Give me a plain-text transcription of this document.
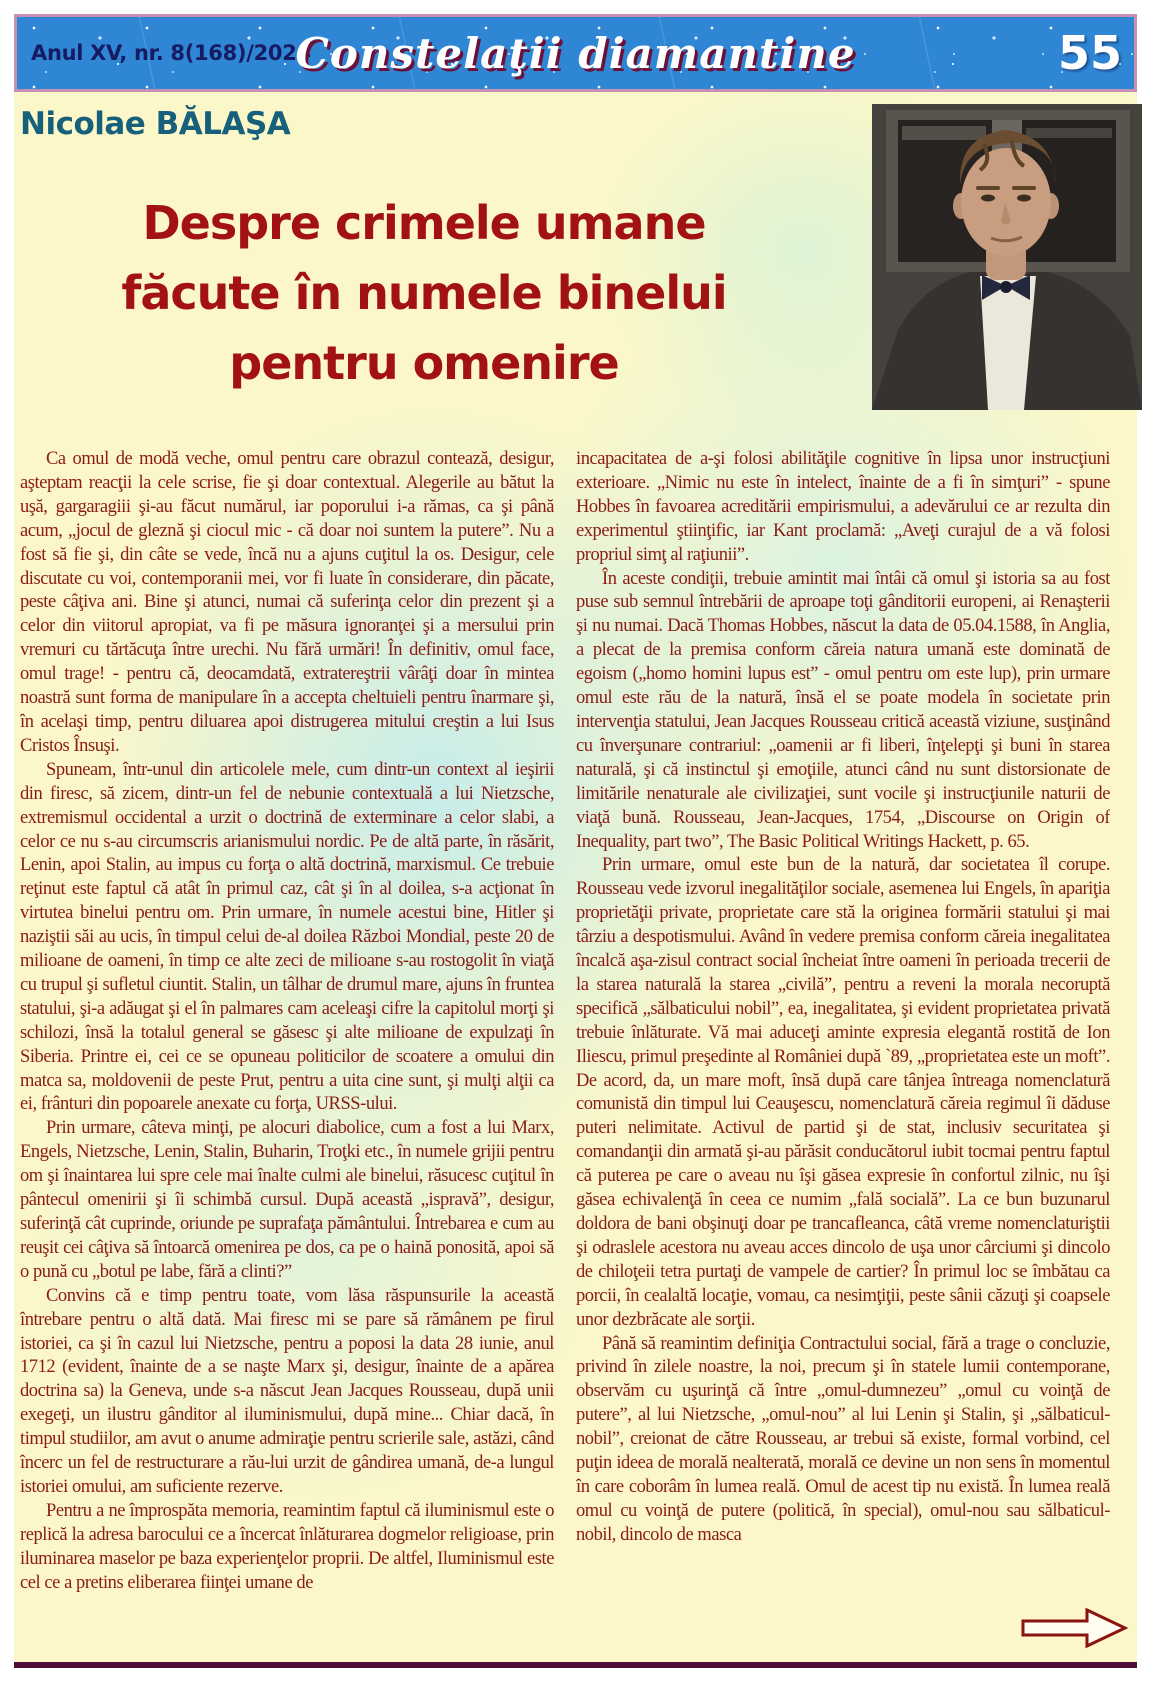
Anul XV, nr. 8(168)/2024
Constelaţii diamantine	55
Nicolae BĂLAŞA
Despre crimele umane
făcute în numele binelui
pentru omenire

Ca omul de modă veche, omul pentru care obrazul contează, desigur, aşteptam reacţii la cele scrise, fie şi doar contextual. Alegerile au bătut la uşă, gargaragiii şi-au făcut numărul, iar poporului i-a rămas, ca şi până acum, „jocul de gleznă şi ciocul mic - că doar noi suntem la putere”. Nu a fost să fie şi, din câte se vede, încă nu a ajuns cuţitul la os. Desigur, cele discutate cu voi, contemporanii mei, vor fi luate în considerare, din păcate, peste câţiva ani. Bine şi atunci, numai că suferinţa celor din prezent şi a celor din viitorul apropiat, va fi pe măsura ignoranţei şi a mersului prin vremuri cu tărtăcuţa între urechi. Nu fără urmări! În definitiv, omul face, omul trage! - pentru că, deocamdată, extratereştrii vârâţi doar în mintea noastră sunt forma de manipulare în a accepta cheltuieli pentru înarmare şi, în acelaşi timp, pentru diluarea apoi distrugerea mitului creştin a lui Isus Cristos Însuşi.

Spuneam, într-unul din articolele mele, cum dintr-un context al ieşirii din firesc, să zicem, dintr-un fel de nebunie contextuală a lui Nietzsche, extremismul occidental a urzit o doctrină de exterminare a celor slabi, a celor ce nu s-au circumscris arianismului nordic. Pe de altă parte, în răsărit, Lenin, apoi Stalin, au impus cu forţa o altă doctrină, marxismul. Ce trebuie reţinut este faptul că atât în primul caz, cât şi în al doilea, s-a acţionat în virtutea binelui pentru om. Prin urmare, în numele acestui bine, Hitler şi naziştii săi au ucis, în timpul celui de-al doilea Război Mondial, peste 20 de milioane de oameni, în timp ce alte zeci de milioane s-au rostogolit în viaţă cu trupul şi sufletul ciuntit. Stalin, un tâlhar de drumul mare, ajuns în fruntea statului, şi-a adăugat şi el în palmares cam aceleaşi cifre la capitolul morţi şi schilozi, însă la totalul general se găsesc şi alte milioane de expulzaţi în Siberia. Printre ei, cei ce se opuneau politicilor de scoatere a omului din matca sa, moldovenii de peste Prut, pentru a uita cine sunt, şi mulţi alţii ca ei, frânturi din popoarele anexate cu forţa, URSS-ului.

Prin urmare, câteva minţi, pe alocuri diabolice, cum a fost a lui Marx, Engels, Nietzsche, Lenin, Stalin, Buharin, Troţki etc., în numele grijii pentru om şi înaintarea lui spre cele mai înalte culmi ale binelui, răsucesc cuţitul în pântecul omenirii şi îi schimbă cursul. După această „ispravă”, desigur, suferinţă cât cuprinde, oriunde pe suprafaţa pământului. Întrebarea e cum au reuşit cei câţiva să întoarcă omenirea pe dos, ca pe o haină ponosită, apoi să o pună cu „botul pe labe, fără a clinti?”

Convins că e timp pentru toate, vom lăsa răspunsurile la această întrebare pentru o altă dată. Mai firesc mi se pare să rămânem pe firul istoriei, ca şi în cazul lui Nietzsche, pentru a poposi la data 28 iunie, anul 1712 (evident, înainte de a se naşte Marx şi, desigur, înainte de a apărea doctrina sa) la Geneva, unde s-a născut Jean Jacques Rousseau, după unii exegeţi, un ilustru gânditor al iluminismului, după mine... Chiar dacă, în timpul studiilor, am avut o anume admiraţie pentru scrierile sale, astăzi, când încerc un fel de restructurare a rău-lui urzit de gândirea umană, de-a lungul istoriei omului, am suficiente rezerve.

Pentru a ne împrospăta memoria, reamintim faptul că iluminismul este o replică la adresa barocului ce a încercat înlăturarea dogmelor religioase, prin iluminarea maselor pe baza experienţelor proprii. De altfel, Iluminismul este cel ce a pretins eliberarea fiinţei umane de

incapacitatea de a-şi folosi abilităţile cognitive în lipsa unor instrucţiuni exterioare. „Nimic nu este în intelect, înainte de a fi în simţuri” - spune Hobbes în favoarea acreditării empirismului, a adevărului ce ar rezulta din experimentul ştiinţific, iar Kant proclamă: „Aveţi curajul de a vă folosi propriul simţ al raţiunii”.

În aceste condiţii, trebuie amintit mai întâi că omul şi istoria sa au fost puse sub semnul întrebării de aproape toţi gânditorii europeni, ai Renaşterii şi nu numai. Dacă Thomas Hobbes, născut la data de 05.04.1588, în Anglia, a plecat de la premisa conform căreia natura umană este dominată de egoism („homo homini lupus est” - omul pentru om este lup), prin urmare omul este rău de la natură, însă el se poate modela în societate prin intervenţia statului, Jean Jacques Rousseau critică această viziune, susţinând cu înverşunare contrariul: „oamenii ar fi liberi, înţelepţi şi buni în starea naturală, şi că instinctul şi emoţiile, atunci când nu sunt distorsionate de limitările nenaturale ale civilizaţiei, sunt vocile şi instrucţiunile naturii de viaţă bună. Rousseau, Jean-Jacques, 1754, „Discourse on Origin of Inequality, part two”, The Basic Political Writings Hackett, p. 65.

Prin urmare, omul este bun de la natură, dar societatea îl corupe. Rousseau vede izvorul inegalităţilor sociale, asemenea lui Engels, în apariţia proprietăţii private, proprietate care stă la originea formării statului şi mai târziu a despotismului. Având în vedere premisa conform căreia inegalitatea încalcă aşa-zisul contract social încheiat între oameni în perioada trecerii de la starea naturală la starea „civilă”, pentru a reveni la morala necoruptă specifică „sălbaticului nobil”, ea, inegalitatea, şi evident proprietatea privată trebuie înlăturate. Vă mai aduceţi aminte expresia elegantă rostită de Ion Iliescu, primul preşedinte al României după `89, „proprietatea este un moft”. De acord, da, un mare moft, însă după care tânjea întreaga nomenclatură comunistă din timpul lui Ceauşescu, nomenclatură căreia regimul îi dăduse puteri nelimitate. Activul de partid şi de stat, inclusiv securitatea şi comandanţii din armată şi-au părăsit conducătorul iubit tocmai pentru faptul că puterea pe care o aveau nu îşi găsea expresie în confortul zilnic, nu îşi găsea echivalenţă în ceea ce numim „fală socială”. La ce bun buzunarul doldora de bani obşinuţi doar pe trancafleanca, câtă vreme nomenclaturiştii şi odraslele acestora nu aveau acces dincolo de uşa unor cârciumi şi dincolo de chiloţeii tetra purtaţi de vampele de cartier? În primul loc se îmbătau ca porcii, în cealaltă locaţie, vomau, ca nesimţiţii, peste sânii căzuţi şi coapsele unor dezbrăcate ale sorţii.

Până să reamintim definiţia Contractului social, fără a trage o concluzie, privind în zilele noastre, la noi, precum şi în statele lumii contemporane, observăm cu uşurinţă că între „omul-dumnezeu” „omul cu voinţă de putere”, al lui Nietzsche, „omul-nou” al lui Lenin şi Stalin, şi „sălbaticul-nobil”, creionat de către Rousseau, ar trebui să existe, formal vorbind, cel puţin ideea de morală nealterată, morală ce devine un non sens în momentul în care coborâm în lumea reală. Omul de acest tip nu există. În lumea reală omul cu voinţă de putere (politică, în special), omul-nou sau sălbaticul-nobil, dincolo de masca
